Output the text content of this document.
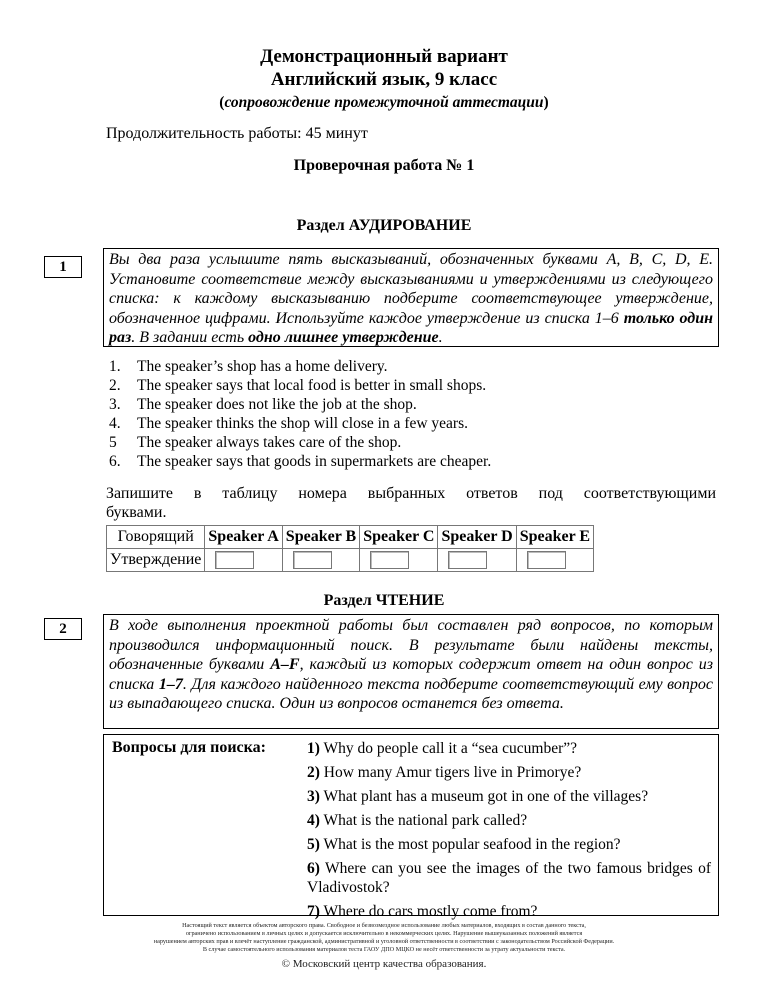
Демонстрационный вариант
Английский язык, 9 класс
(сопровождение промежуточной аттестации)
Продолжительность работы: 45 минут
Проверочная работа № 1
Раздел АУДИРОВАНИЕ
1	Вы два раза услышите пять высказываний, обозначенных буквами A, B, C, D, E. Установите соответствие между высказываниями и утверждениями из следующего списка: к каждому высказыванию подберите соответствующее утверждение, обозначенное цифрами. Используйте каждое утверждение из списка 1–6 только один раз. В задании есть одно лишнее утверждение.
1. The speaker’s shop has a home delivery.
2. The speaker says that local food is better in small shops.
3. The speaker does not like the job at the shop.
4. The speaker thinks the shop will close in a few years.
5 The speaker always takes care of the shop.
6. The speaker says that goods in supermarkets are cheaper.
Запишите в таблицу номера выбранных ответов под соответствующими
буквами.
Говорящий	Speaker A	Speaker B	Speaker C	Speaker D	Speaker E
Утверждение					
Раздел ЧТЕНИЕ
2	В ходе выполнения проектной работы был составлен ряд вопросов, по которым производился информационный поиск. В результате были найдены тексты, обозначенные буквами A–F, каждый из которых содержит ответ на один вопрос из списка 1–7. Для каждого найденного текста подберите соответствующий ему вопрос из выпадающего списка. Один из вопросов останется без ответа.
Вопросы для поиска:	1) Why do people call it a “sea cucumber”?
2) How many Amur tigers live in Primorye?
3) What plant has a museum got in one of the villages?
4) What is the national park called?
5) What is the most popular seafood in the region?
6) Where can you see the images of the two famous bridges of Vladivostok?
7) Where do cars mostly come from?
Настоящий текст является объектом авторского права. Свободное и безвозмездное использование любых материалов, входящих в состав данного текста,
ограничено использованием в личных целях и допускается исключительно в некоммерческих целях. Нарушение вышеуказанных положений является
нарушением авторских прав и влечёт наступление гражданской, административной и уголовной ответственности в соответствии с законодательством Российской Федерации.
В случае самостоятельного использования материалов теста ГАОУ ДПО МЦКО не несёт ответственности за утрату актуальности текста.
© Московский центр качества образования.
